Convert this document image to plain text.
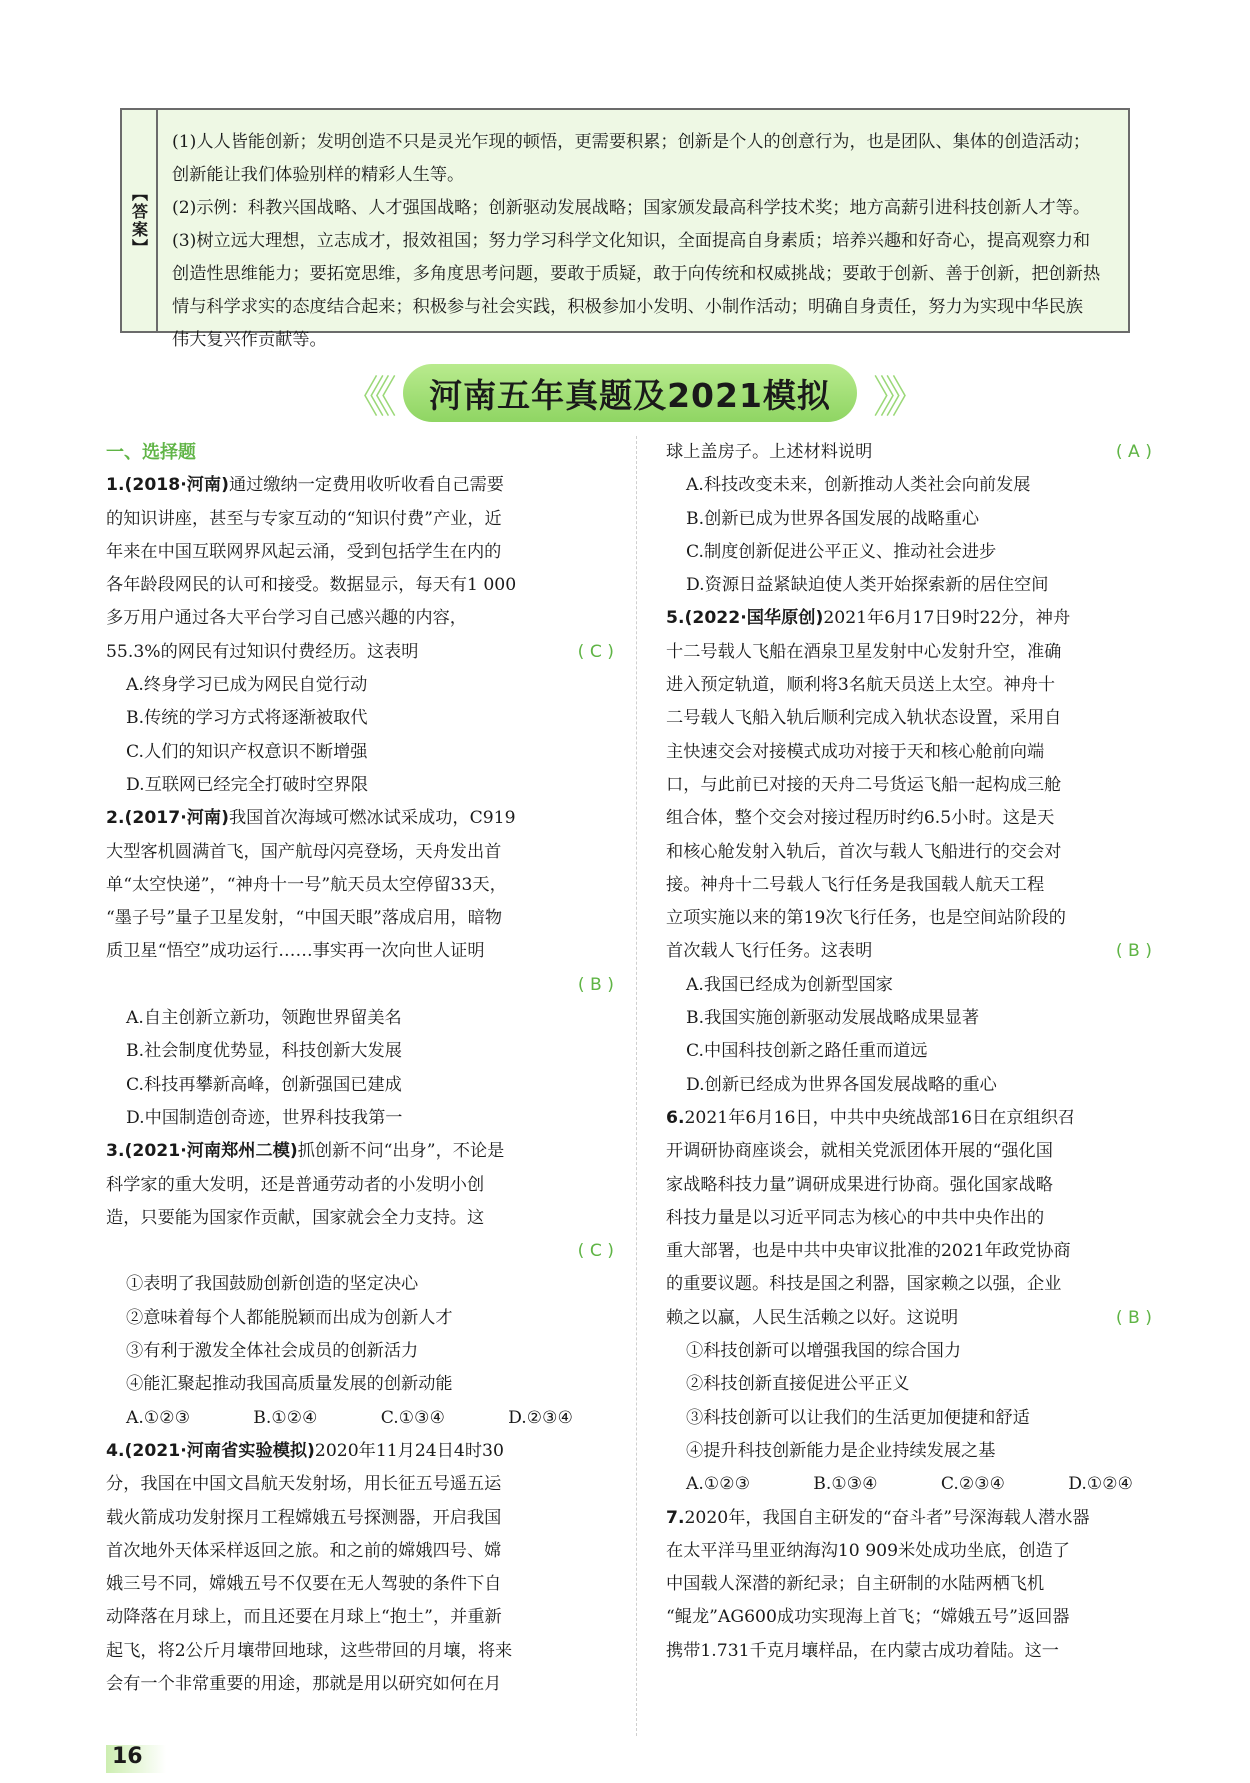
【答案】

(1)人人皆能创新；发明创造不只是灵光乍现的顿悟，更需要积累；创新是个人的创意行为，也是团队、集体的创造活动；

创新能让我们体验别样的精彩人生等。

(2)示例：科教兴国战略、人才强国战略；创新驱动发展战略；国家颁发最高科学技术奖；地方高薪引进科技创新人才等。

(3)树立远大理想，立志成才，报效祖国；努力学习科学文化知识，全面提高自身素质；培养兴趣和好奇心，提高观察力和

创造性思维能力；要拓宽思维，多角度思考问题，要敢于质疑，敢于向传统和权威挑战；要敢于创新、善于创新，把创新热

情与科学求实的态度结合起来；积极参与社会实践，积极参加小发明、小制作活动；明确自身责任，努力为实现中华民族

伟大复兴作贡献等。

《《	河南五年真题及2021模拟 》》
一、选择题
1.(2018·河南)通过缴纳一定费用收听收看自己需要
的知识讲座，甚至与专家互动的“知识付费”产业，近
年来在中国互联网界风起云涌，受到包括学生在内的
各年龄段网民的认可和接受。数据显示，每天有1 000
多万用户通过各大平台学习自己感兴趣的内容，
55.3%的网民有过知识付费经历。这表明	( C )
A.终身学习已成为网民自觉行动
B.传统的学习方式将逐渐被取代
C.人们的知识产权意识不断增强
D.互联网已经完全打破时空界限
2.(2017·河南)我国首次海域可燃冰试采成功，C919
大型客机圆满首飞，国产航母闪亮登场，天舟发出首
单“太空快递”，“神舟十一号”航天员太空停留33天，
“墨子号”量子卫星发射，“中国天眼”落成启用，暗物
质卫星“悟空”成功运行……事实再一次向世人证明
( B )
A.自主创新立新功，领跑世界留美名
B.社会制度优势显，科技创新大发展
C.科技再攀新高峰，创新强国已建成
D.中国制造创奇迹，世界科技我第一
3.(2021·河南郑州二模)抓创新不问“出身”，不论是
科学家的重大发明，还是普通劳动者的小发明小创
造，只要能为国家作贡献，国家就会全力支持。这
( C )
①表明了我国鼓励创新创造的坚定决心
②意味着每个人都能脱颖而出成为创新人才
③有利于激发全体社会成员的创新活力
④能汇聚起推动我国高质量发展的创新动能
A.①②③	B.①②④	C.①③④	D.②③④
4.(2021·河南省实验模拟)2020年11月24日4时30
分，我国在中国文昌航天发射场，用长征五号遥五运
载火箭成功发射探月工程嫦娥五号探测器，开启我国
首次地外天体采样返回之旅。和之前的嫦娥四号、嫦
娥三号不同，嫦娥五号不仅要在无人驾驶的条件下自
动降落在月球上，而且还要在月球上“抱土”，并重新
起飞，将2公斤月壤带回地球，这些带回的月壤，将来
会有一个非常重要的用途，那就是用以研究如何在月
球上盖房子。上述材料说明	( A )
A.科技改变未来，创新推动人类社会向前发展
B.创新已成为世界各国发展的战略重心
C.制度创新促进公平正义、推动社会进步
D.资源日益紧缺迫使人类开始探索新的居住空间
5.(2022·国华原创)2021年6月17日9时22分，神舟
十二号载人飞船在酒泉卫星发射中心发射升空，准确
进入预定轨道，顺利将3名航天员送上太空。神舟十
二号载人飞船入轨后顺利完成入轨状态设置，采用自
主快速交会对接模式成功对接于天和核心舱前向端
口，与此前已对接的天舟二号货运飞船一起构成三舱
组合体，整个交会对接过程历时约6.5小时。这是天
和核心舱发射入轨后，首次与载人飞船进行的交会对
接。神舟十二号载人飞行任务是我国载人航天工程
立项实施以来的第19次飞行任务，也是空间站阶段的
首次载人飞行任务。这表明	( B )
A.我国已经成为创新型国家
B.我国实施创新驱动发展战略成果显著
C.中国科技创新之路任重而道远
D.创新已经成为世界各国发展战略的重心
6.2021年6月16日，中共中央统战部16日在京组织召
开调研协商座谈会，就相关党派团体开展的“强化国
家战略科技力量”调研成果进行协商。强化国家战略
科技力量是以习近平同志为核心的中共中央作出的
重大部署，也是中共中央审议批准的2021年政党协商
的重要议题。科技是国之利器，国家赖之以强，企业
赖之以赢，人民生活赖之以好。这说明	( B )
①科技创新可以增强我国的综合国力
②科技创新直接促进公平正义
③科技创新可以让我们的生活更加便捷和舒适
④提升科技创新能力是企业持续发展之基
A.①②③	B.①③④	C.②③④	D.①②④
7.2020年，我国自主研发的“奋斗者”号深海载人潜水器
在太平洋马里亚纳海沟10 909米处成功坐底，创造了
中国载人深潜的新纪录；自主研制的水陆两栖飞机
“鲲龙”AG600成功实现海上首飞；“嫦娥五号”返回器
携带1.731千克月壤样品，在内蒙古成功着陆。这一
16
